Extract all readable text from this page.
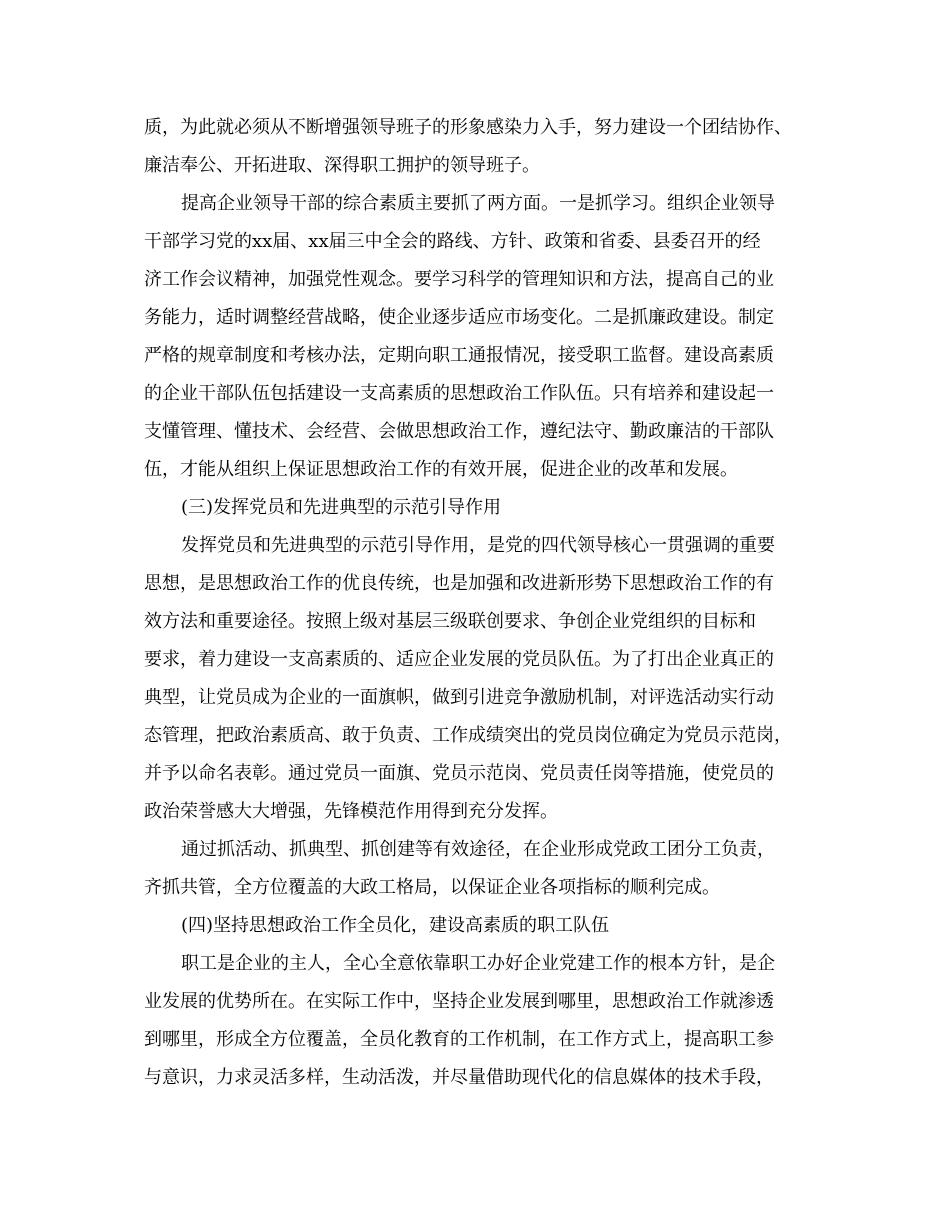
质，为此就必须从不断增强领导班子的形象感染力入手，努力建设一个团结协作、
廉洁奉公、开拓进取、深得职工拥护的领导班子。
提高企业领导干部的综合素质主要抓了两方面。一是抓学习。组织企业领导
干部学习党的xx届、xx届三中全会的路线、方针、政策和省委、县委召开的经
济工作会议精神，加强党性观念。要学习科学的管理知识和方法，提高自己的业
务能力，适时调整经营战略，使企业逐步适应市场变化。二是抓廉政建设。制定
严格的规章制度和考核办法，定期向职工通报情况，接受职工监督。建设高素质
的企业干部队伍包括建设一支高素质的思想政治工作队伍。只有培养和建设起一
支懂管理、懂技术、会经营、会做思想政治工作，遵纪法守、勤政廉洁的干部队
伍，才能从组织上保证思想政治工作的有效开展，促进企业的改革和发展。
(三)发挥党员和先进典型的示范引导作用
发挥党员和先进典型的示范引导作用，是党的四代领导核心一贯强调的重要
思想，是思想政治工作的优良传统，也是加强和改进新形势下思想政治工作的有
效方法和重要途径。按照上级对基层三级联创要求、争创企业党组织的目标和
要求，着力建设一支高素质的、适应企业发展的党员队伍。为了打出企业真正的
典型，让党员成为企业的一面旗帜，做到引进竞争激励机制，对评选活动实行动
态管理，把政治素质高、敢于负责、工作成绩突出的党员岗位确定为党员示范岗，
并予以命名表彰。通过党员一面旗、党员示范岗、党员责任岗等措施，使党员的
政治荣誉感大大增强，先锋模范作用得到充分发挥。
通过抓活动、抓典型、抓创建等有效途径，在企业形成党政工团分工负责，
齐抓共管，全方位覆盖的大政工格局，以保证企业各项指标的顺利完成。
(四)坚持思想政治工作全员化，建设高素质的职工队伍
职工是企业的主人，全心全意依靠职工办好企业党建工作的根本方针，是企
业发展的优势所在。在实际工作中，坚持企业发展到哪里，思想政治工作就渗透
到哪里，形成全方位覆盖，全员化教育的工作机制，在工作方式上，提高职工参
与意识，力求灵活多样，生动活泼，并尽量借助现代化的信息媒体的技术手段，
